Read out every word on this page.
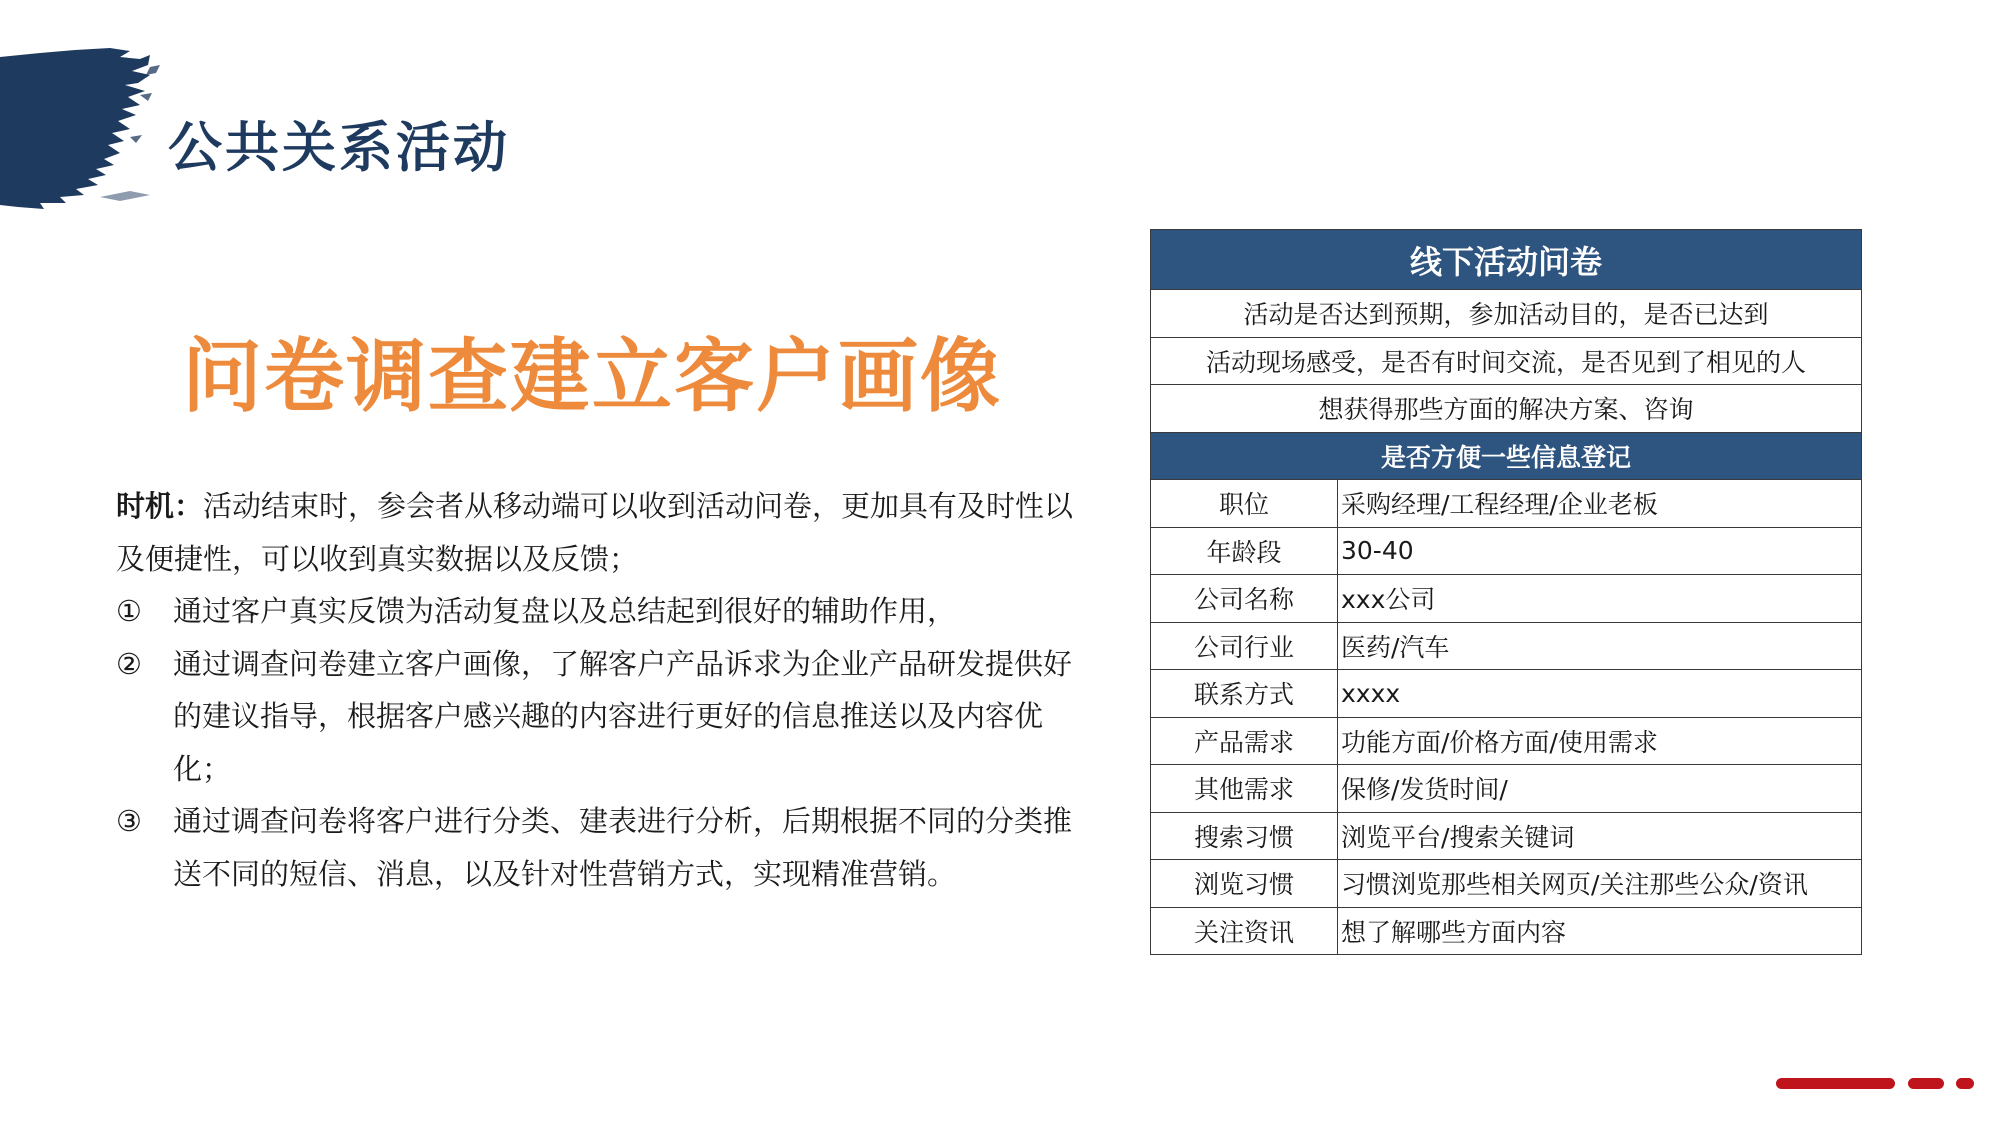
公共关系活动
问卷调查建立客户画像

时机：活动结束时，参会者从移动端可以收到活动问卷，更加具有及时性以及便捷性，可以收到真实数据以及反馈；

①	通过客户真实反馈为活动复盘以及总结起到很好的辅助作用，
②	通过调查问卷建立客户画像，了解客户产品诉求为企业产品研发提供好的建议指导，根据客户感兴趣的内容进行更好的信息推送以及内容优化；
③	通过调查问卷将客户进行分类、建表进行分析，后期根据不同的分类推送不同的短信、消息，以及针对性营销方式，实现精准营销。
线下活动问卷	
活动是否达到预期，参加活动目的，是否已达到	
活动现场感受，是否有时间交流，是否见到了相见的人	
想获得那些方面的解决方案、咨询	
是否方便一些信息登记	
职位	采购经理/工程经理/企业老板
年龄段	30-40
公司名称	xxx公司
公司行业	医药/汽车
联系方式	xxxx
产品需求	功能方面/价格方面/使用需求
其他需求	保修/发货时间/
搜索习惯	浏览平台/搜索关键词
浏览习惯	习惯浏览那些相关网页/关注那些公众/资讯
关注资讯	想了解哪些方面内容
